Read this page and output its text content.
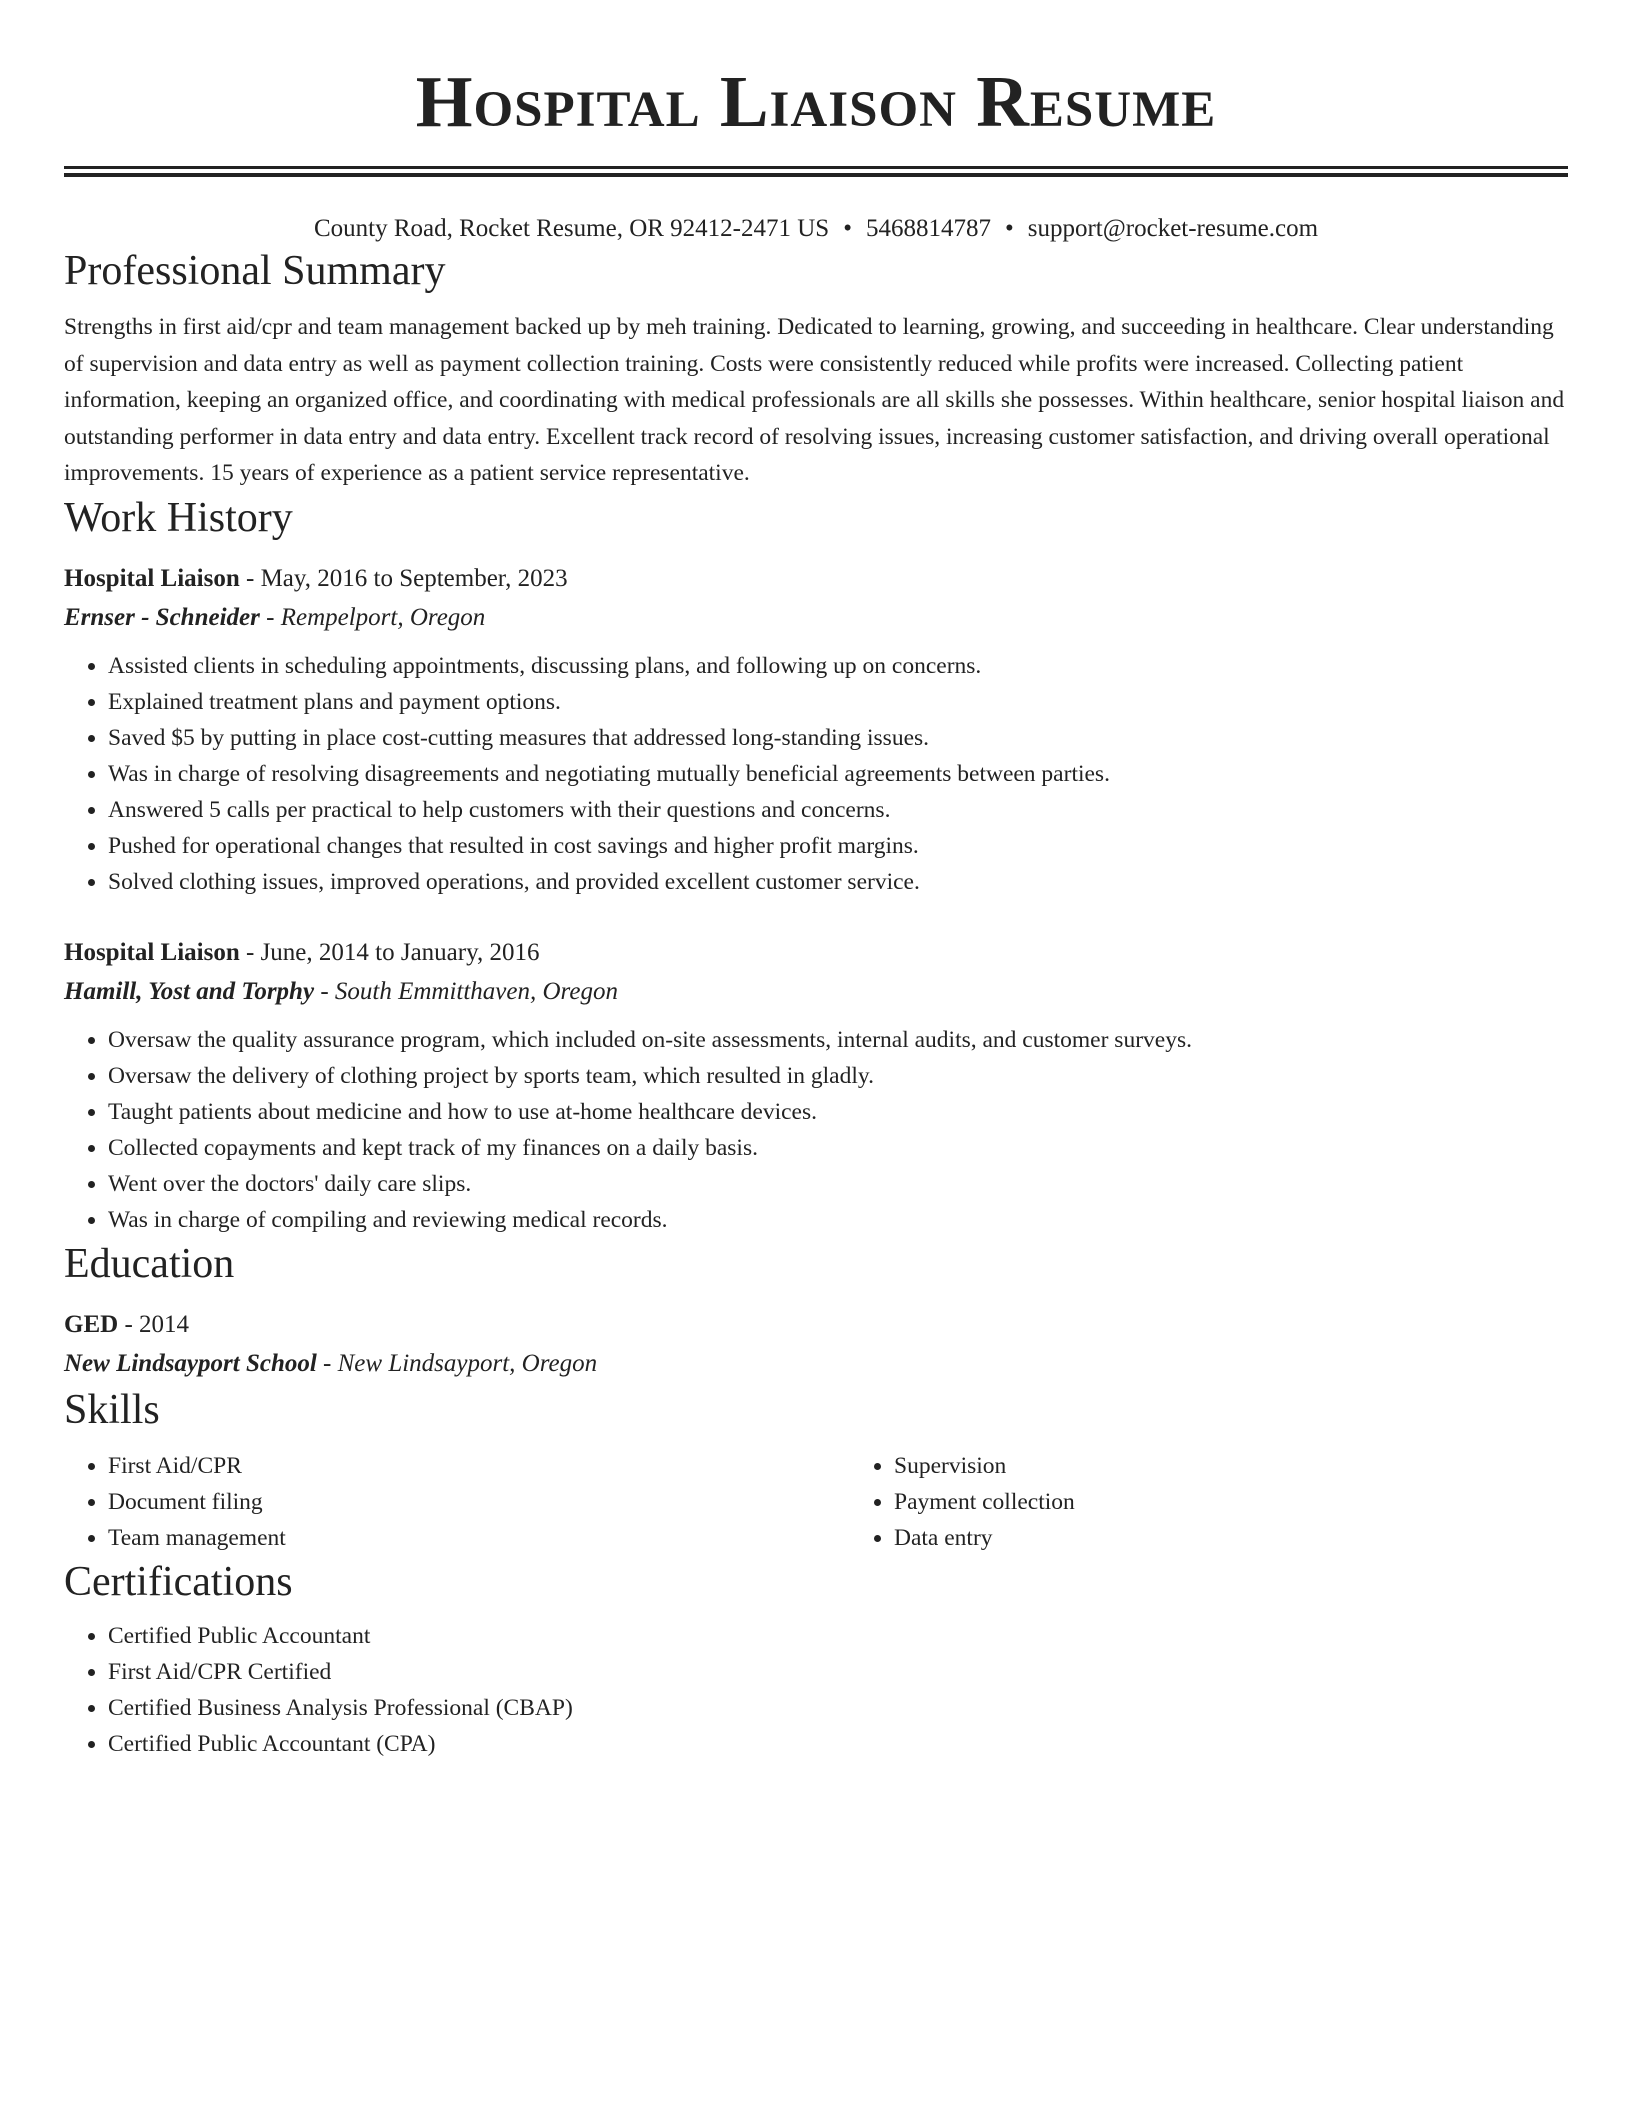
Hospital Liaison Resume
County Road, Rocket Resume, OR 92412-2471 US • 5468814787 • support@rocket-resume.com
Professional Summary

Strengths in first aid/cpr and team management backed up by meh training. Dedicated to learning, growing, and succeeding in healthcare. Clear understanding of supervision and data entry as well as payment collection training. Costs were consistently reduced while profits were increased. Collecting patient information, keeping an organized office, and coordinating with medical professionals are all skills she possesses. Within healthcare, senior hospital liaison and outstanding performer in data entry and data entry. Excellent track record of resolving issues, increasing customer satisfaction, and driving overall operational improvements. 15 years of experience as a patient service representative.

Work History
Hospital Liaison - May, 2016 to September, 2023
Ernser - Schneider - Rempelport, Oregon
• Assisted clients in scheduling appointments, discussing plans, and following up on concerns.
• Explained treatment plans and payment options.
• Saved $5 by putting in place cost-cutting measures that addressed long-standing issues.
• Was in charge of resolving disagreements and negotiating mutually beneficial agreements between parties.
• Answered 5 calls per practical to help customers with their questions and concerns.
• Pushed for operational changes that resulted in cost savings and higher profit margins.
• Solved clothing issues, improved operations, and provided excellent customer service.
Hospital Liaison - June, 2014 to January, 2016
Hamill, Yost and Torphy - South Emmitthaven, Oregon
• Oversaw the quality assurance program, which included on-site assessments, internal audits, and customer surveys.
• Oversaw the delivery of clothing project by sports team, which resulted in gladly.
• Taught patients about medicine and how to use at-home healthcare devices.
• Collected copayments and kept track of my finances on a daily basis.
• Went over the doctors' daily care slips.
• Was in charge of compiling and reviewing medical records.
Education
GED - 2014
New Lindsayport School - New Lindsayport, Oregon
Skills
• First Aid/CPR
• Document filing
• Team management
• Supervision
• Payment collection
• Data entry
Certifications
• Certified Public Accountant
• First Aid/CPR Certified
• Certified Business Analysis Professional (CBAP)
• Certified Public Accountant (CPA)
